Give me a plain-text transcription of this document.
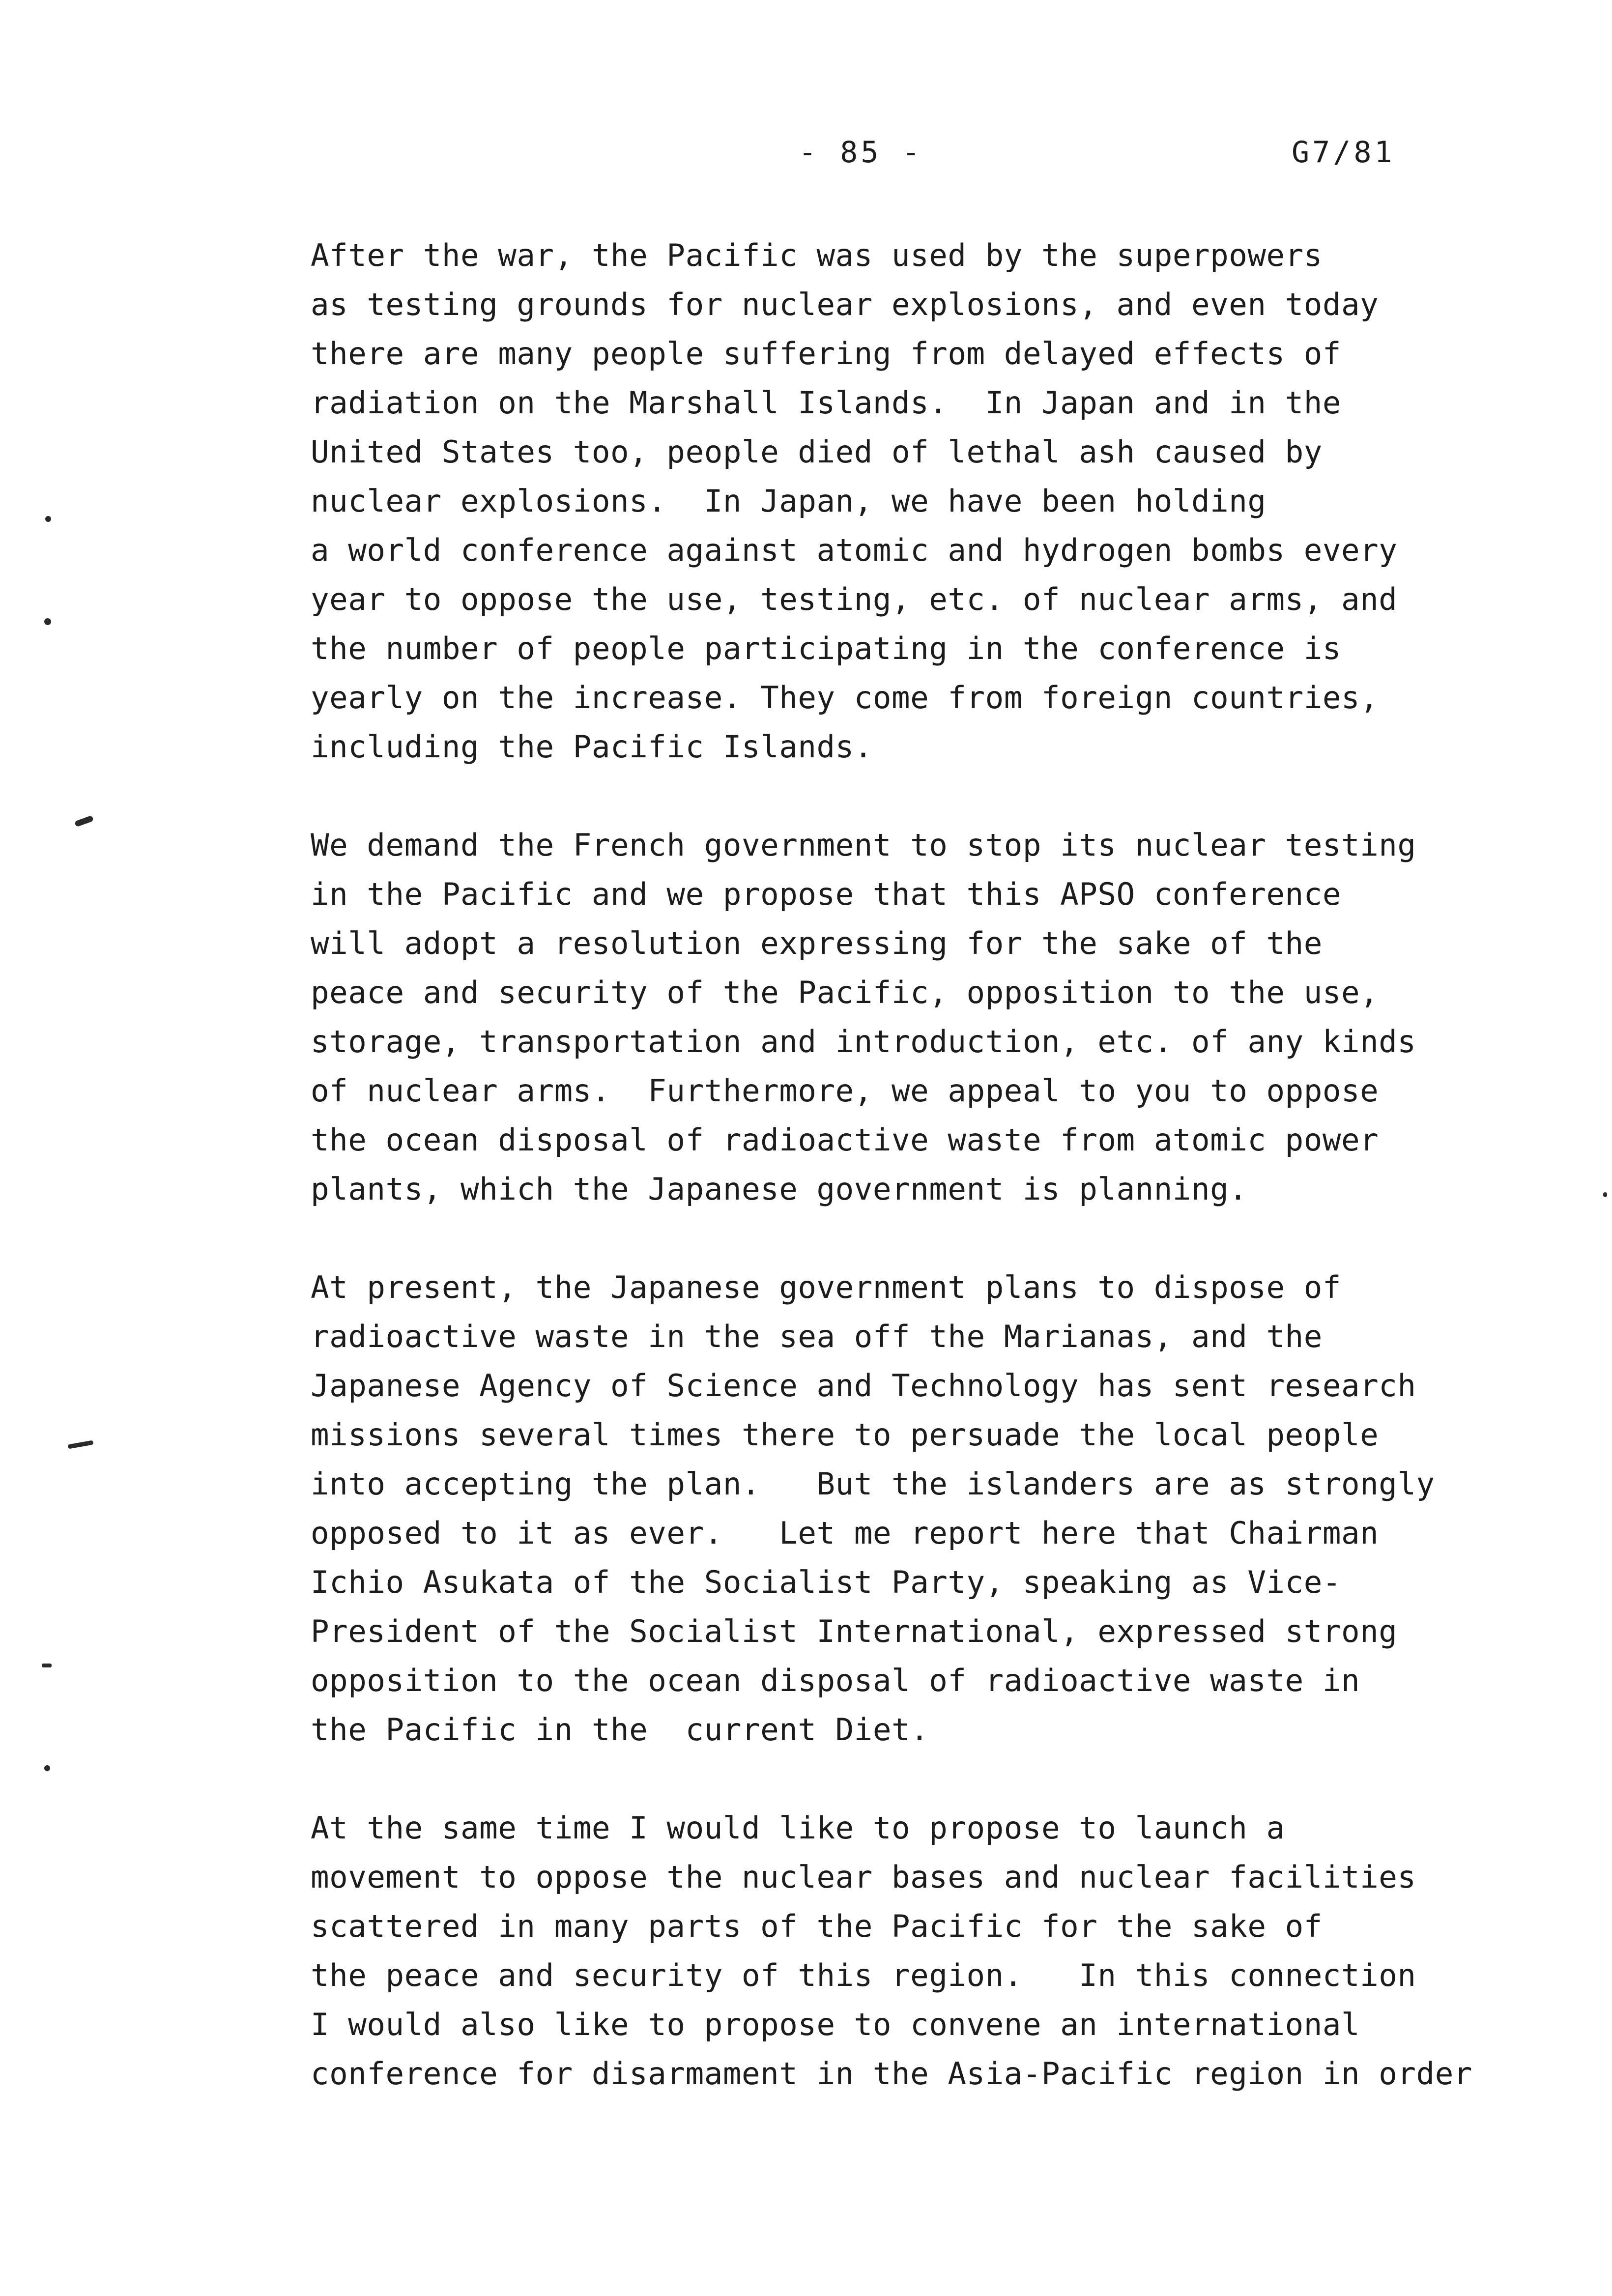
- 85 -	G7/81
After the war, the Pacific was used by the superpowers
as testing grounds for nuclear explosions, and even today
there are many people suffering from delayed effects of
radiation on the Marshall Islands.  In Japan and in the
United States too, people died of lethal ash caused by
nuclear explosions.  In Japan, we have been holding
a world conference against atomic and hydrogen bombs every
year to oppose the use, testing, etc. of nuclear arms, and
the number of people participating in the conference is
yearly on the increase. They come from foreign countries,
including the Pacific Islands.
We demand the French government to stop its nuclear testing
in the Pacific and we propose that this APSO conference
will adopt a resolution expressing for the sake of the
peace and security of the Pacific, opposition to the use,
storage, transportation and introduction, etc. of any kinds
of nuclear arms.  Furthermore, we appeal to you to oppose
the ocean disposal of radioactive waste from atomic power
plants, which the Japanese government is planning.
At present, the Japanese government plans to dispose of
radioactive waste in the sea off the Marianas, and the
Japanese Agency of Science and Technology has sent research
missions several times there to persuade the local people
into accepting the plan.   But the islanders are as strongly
opposed to it as ever.   Let me report here that Chairman
Ichio Asukata of the Socialist Party, speaking as Vice-
President of the Socialist International, expressed strong
opposition to the ocean disposal of radioactive waste in
the Pacific in the  current Diet.
At the same time I would like to propose to launch a
movement to oppose the nuclear bases and nuclear facilities
scattered in many parts of the Pacific for the sake of
the peace and security of this region.   In this connection
I would also like to propose to convene an international
conference for disarmament in the Asia-Pacific region in order
